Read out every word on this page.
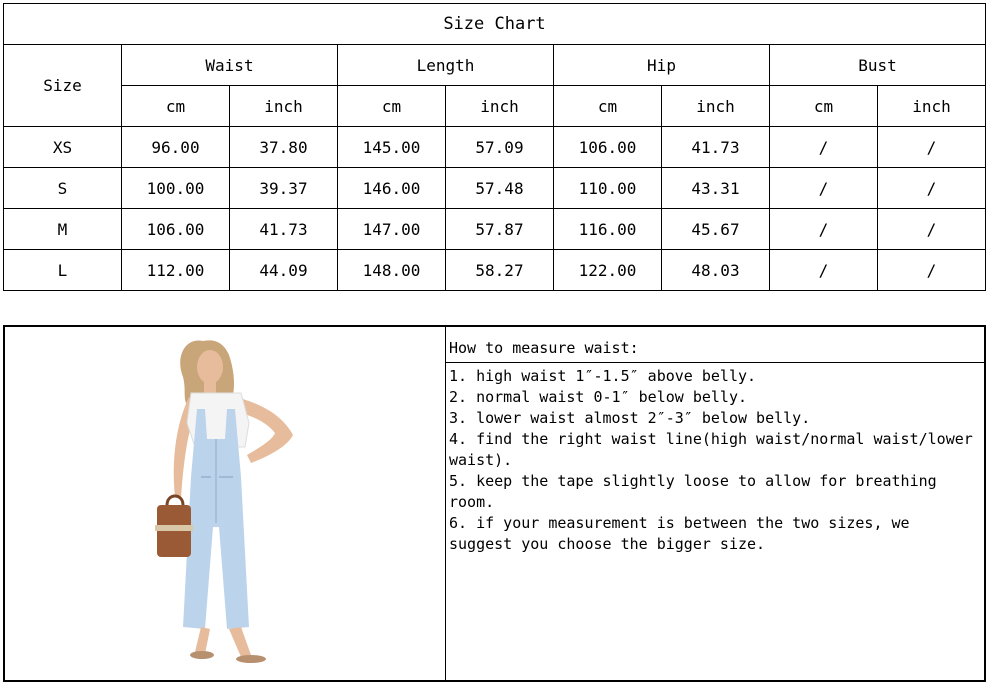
Size Chart								
Size	Waist		Length		Hip		Bust	
	cm	inch	cm	inch	cm	inch	cm	inch
XS	96.00	37.80	145.00	57.09	106.00	41.73	/	/
S	100.00	39.37	146.00	57.48	110.00	43.31	/	/
M	106.00	41.73	147.00	57.87	116.00	45.67	/	/
L	112.00	44.09	148.00	58.27	122.00	48.03	/	/
How to measure waist:
1. high waist 1″-1.5″ above belly.
2. normal waist 0-1″ below belly.
3. lower waist almost 2″-3″ below belly.
4. find the right waist line(high waist/normal waist/lower waist).
5. keep the tape slightly loose to allow for breathing room.
6. if your measurement is between the two sizes, we suggest you choose the bigger size.
